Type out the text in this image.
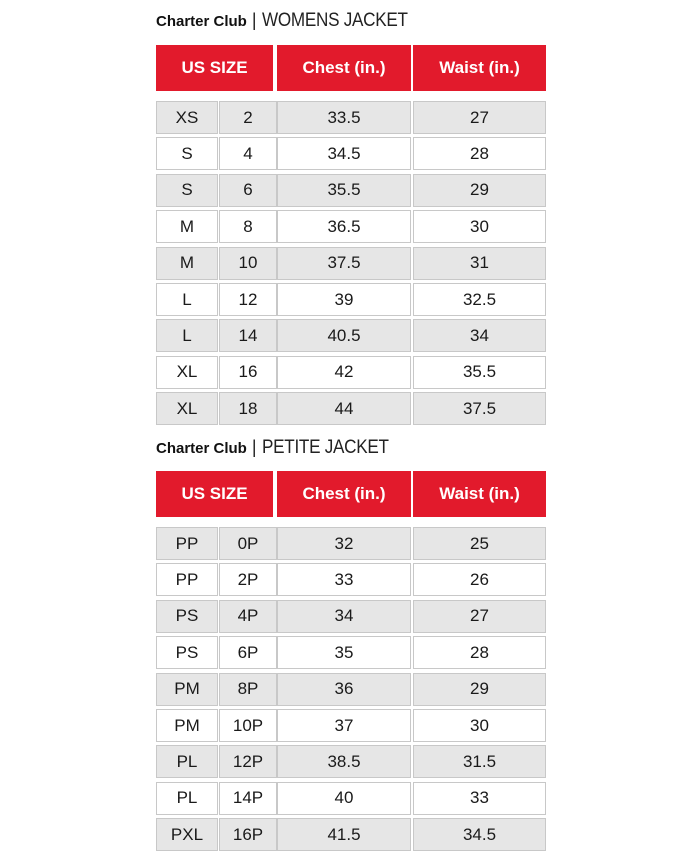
Charter Club | WOMENS JACKET
US SIZE	Chest (in.)	Waist (in.)
XS	2	33.5	27
S	4	34.5	28
S	6	35.5	29
M	8	36.5	30
M	10	37.5	31
L	12	39	32.5
L	14	40.5	34
XL	16	42	35.5
XL	18	44	37.5
Charter Club | PETITE JACKET
US SIZE	Chest (in.)	Waist (in.)
PP	0P	32	25
PP	2P	33	26
PS	4P	34	27
PS	6P	35	28
PM	8P	36	29
PM	10P	37	30
PL	12P	38.5	31.5
PL	14P	40	33
PXL	16P	41.5	34.5
